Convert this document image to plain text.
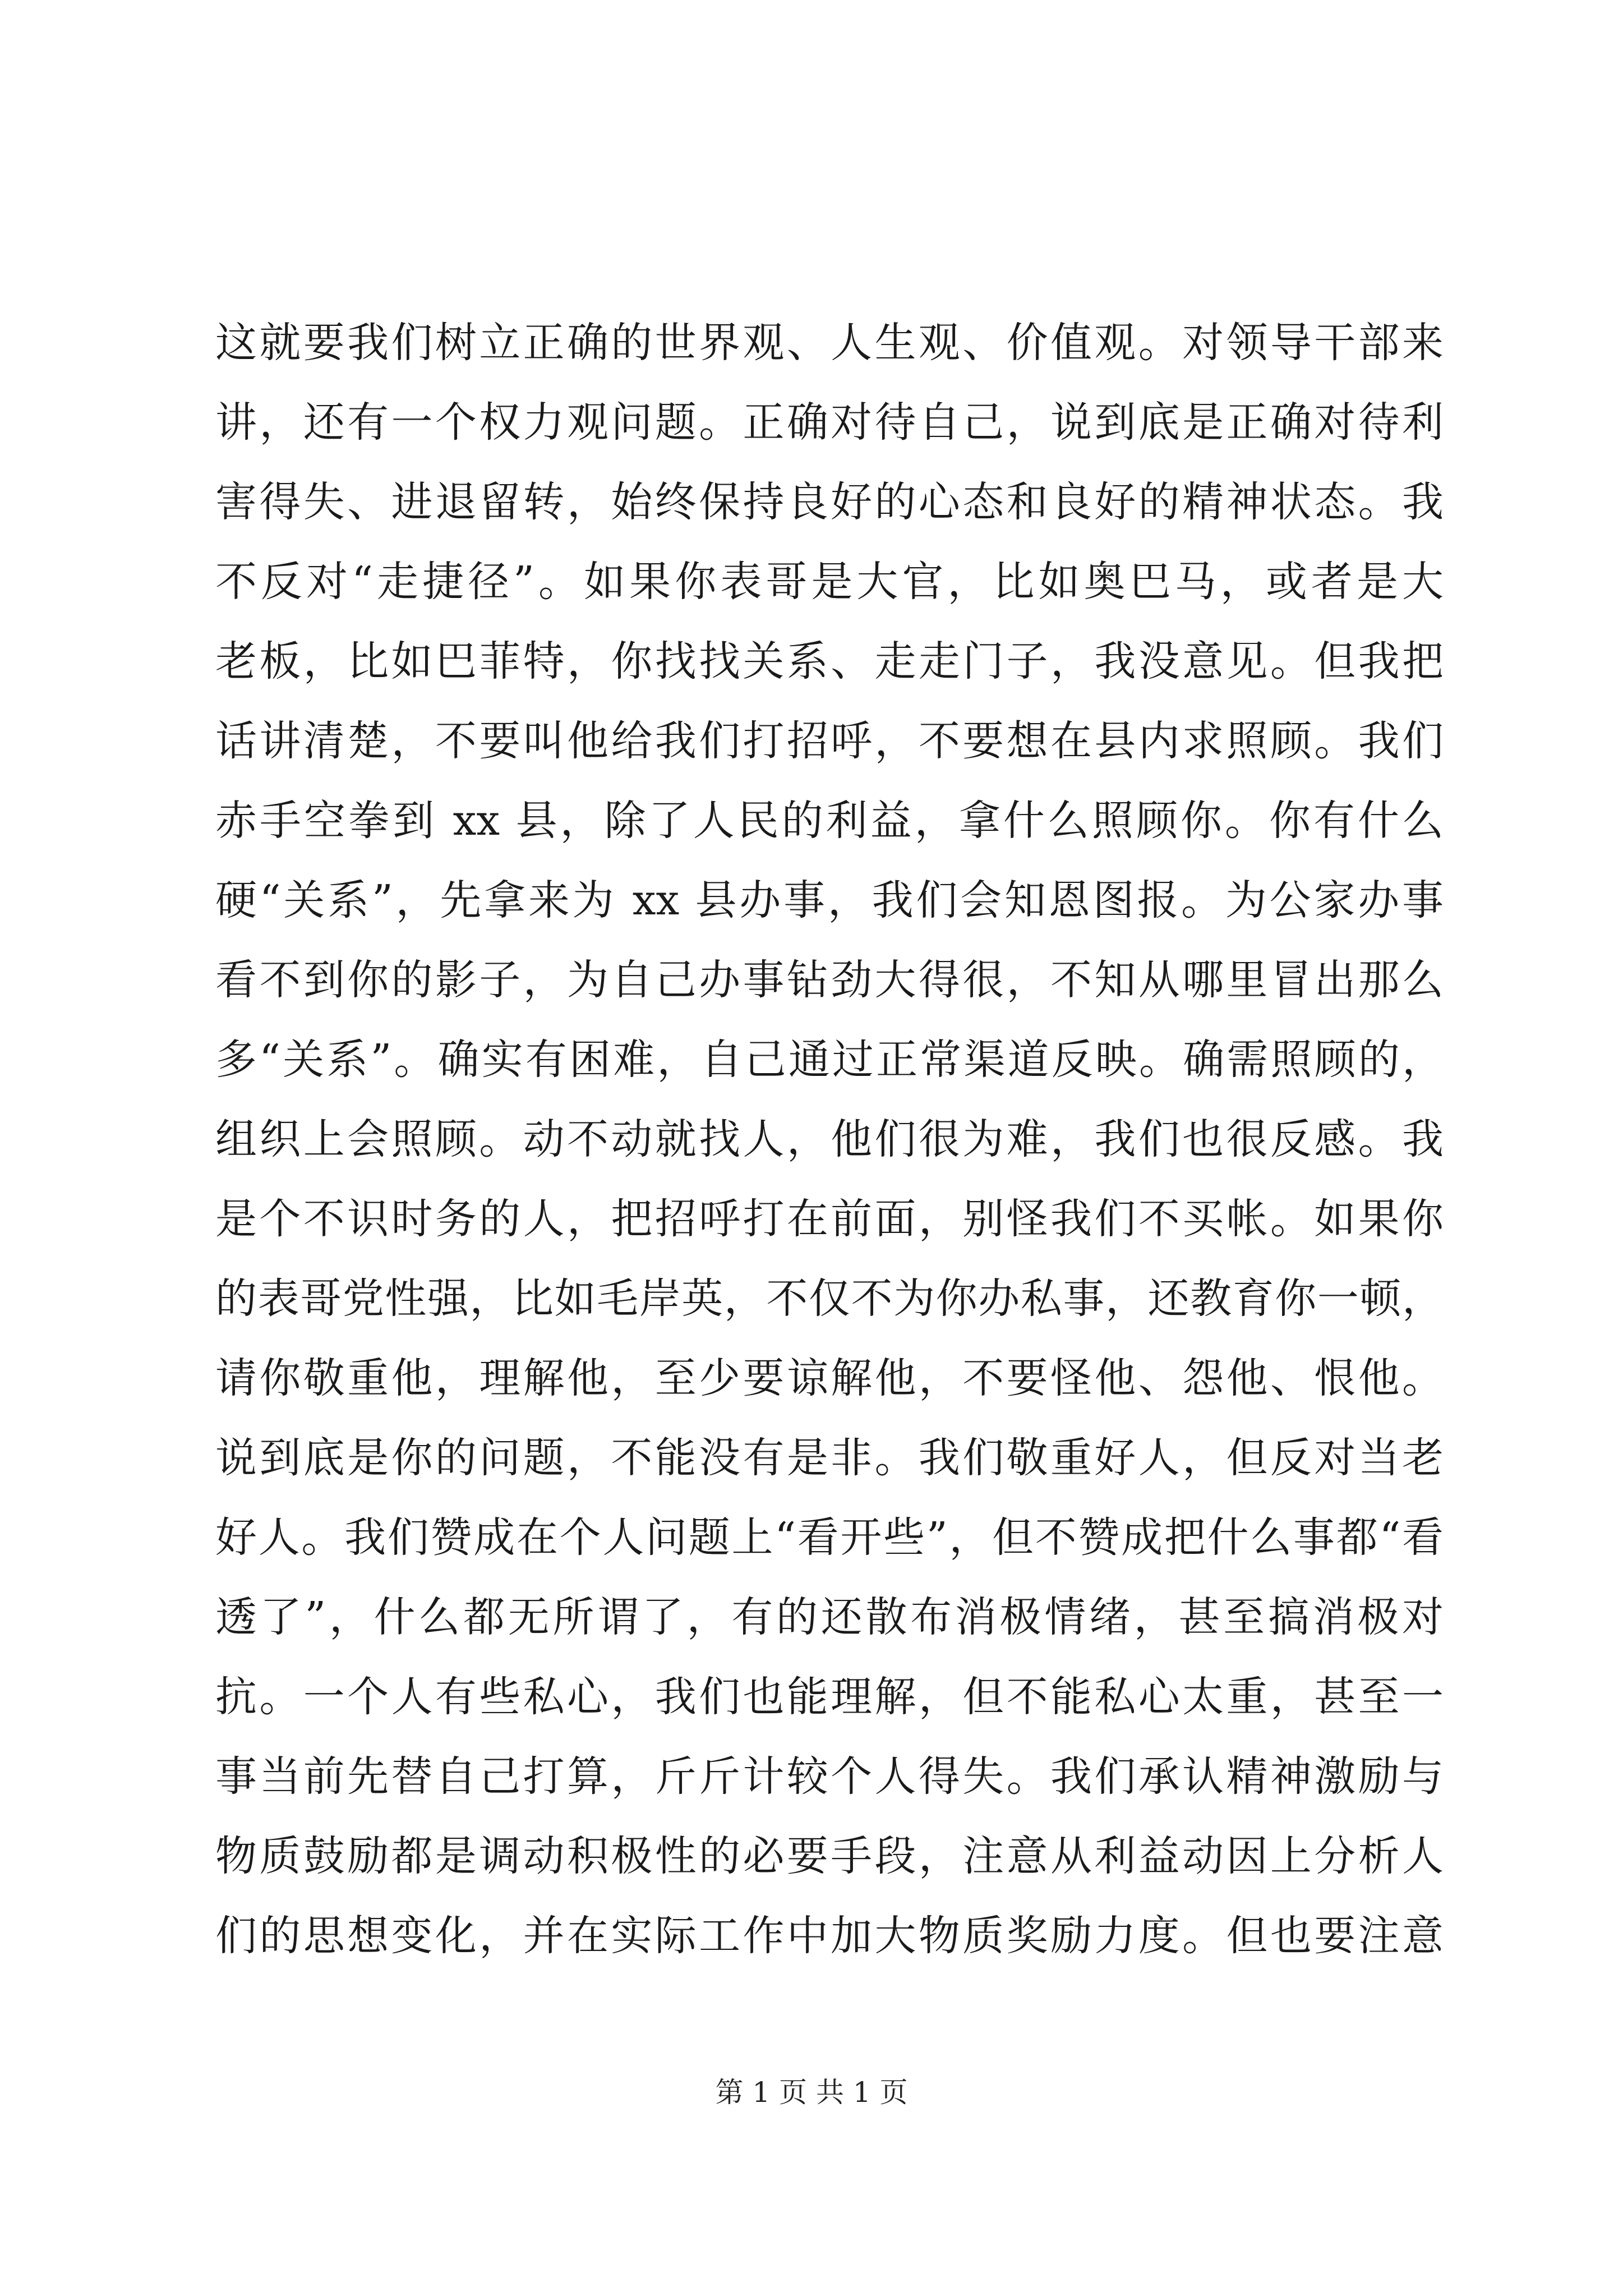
这就要我们树立正确的世界观、人生观、价值观。对领导干部来
讲，还有一个权力观问题。正确对待自己，说到底是正确对待利
害得失、进退留转，始终保持良好的心态和良好的精神状态。我
不反对“走捷径”。如果你表哥是大官，比如奥巴马，或者是大
老板，比如巴菲特，你找找关系、走走门子，我没意见。但我把
话讲清楚，不要叫他给我们打招呼，不要想在县内求照顾。我们
赤手空拳到 xx 县，除了人民的利益，拿什么照顾你。你有什么
硬“关系”，先拿来为 xx 县办事，我们会知恩图报。为公家办事
看不到你的影子，为自己办事钻劲大得很，不知从哪里冒出那么
多“关系”。确实有困难，自己通过正常渠道反映。确需照顾的，
组织上会照顾。动不动就找人，他们很为难，我们也很反感。我
是个不识时务的人，把招呼打在前面，别怪我们不买帐。如果你
的表哥党性强，比如毛岸英，不仅不为你办私事，还教育你一顿，
请你敬重他，理解他，至少要谅解他，不要怪他、怨他、恨他。
说到底是你的问题，不能没有是非。我们敬重好人，但反对当老
好人。我们赞成在个人问题上“看开些”，但不赞成把什么事都“看
透了”，什么都无所谓了，有的还散布消极情绪，甚至搞消极对
抗。一个人有些私心，我们也能理解，但不能私心太重，甚至一
事当前先替自己打算，斤斤计较个人得失。我们承认精神激励与
物质鼓励都是调动积极性的必要手段，注意从利益动因上分析人
们的思想变化，并在实际工作中加大物质奖励力度。但也要注意
第 1 页 共 1 页
